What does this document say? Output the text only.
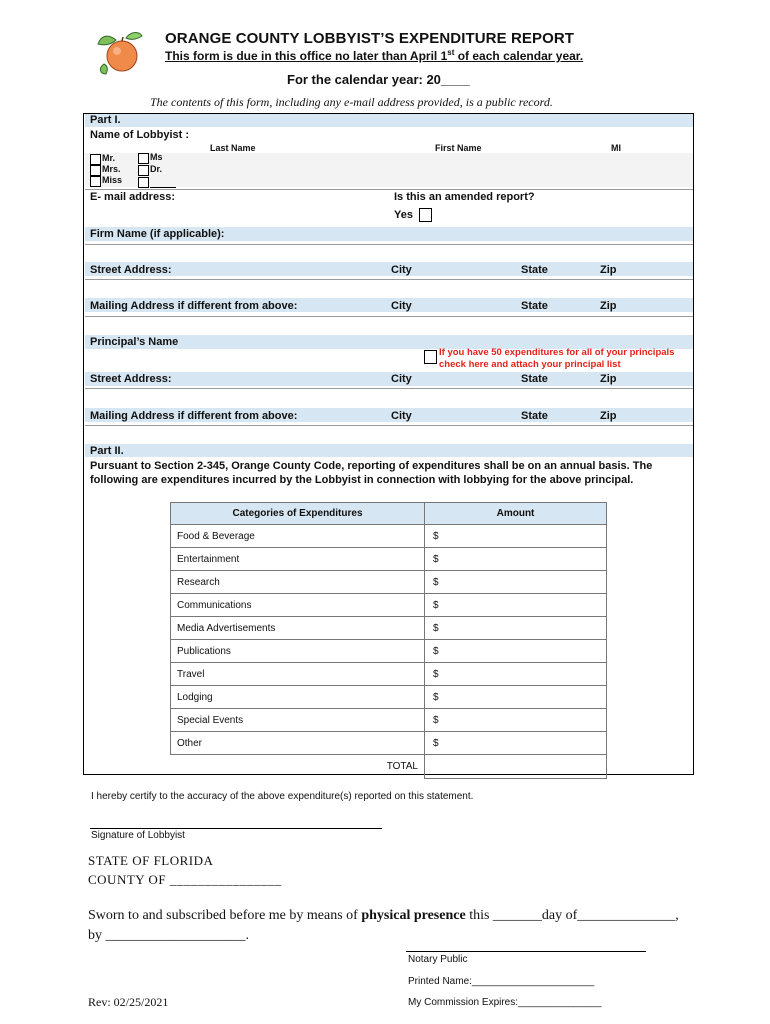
ORANGE COUNTY LOBBYIST’S EXPENDITURE REPORT
This form is due in this office no later than April 1st of each calendar year.
For the calendar year: 20____
The contents of this form, including any e-mail address provided, is a public record.
Part I.
Name of Lobbyist :
Last Name	First Name	MI
Mr.
Mrs.
Miss
Ms
Dr.
E- mail address:	Is this an amended report?
Yes
Firm Name (if applicable):
Street Address:	City	State	Zip
Mailing Address if different from above:	City	State	Zip
Principal’s Name
If you have 50 expenditures for all of your principals
check here and attach your principal list
Street Address:	City	State	Zip
Mailing Address if different from above:	City	State	Zip
Part II.
Pursuant to Section 2-345, Orange County Code, reporting of expenditures shall be on an annual basis. The following are expenditures incurred by the Lobbyist in connection with lobbying for the above principal.
Categories of Expenditures	Amount
Food & Beverage	$
Entertainment	$
Research	$
Communications	$
Media Advertisements	$
Publications	$
Travel	$
Lodging	$
Special Events	$
Other	$
TOTAL	
I hereby certify to the accuracy of the above expenditure(s) reported on this statement.
Signature of Lobbyist
STATE OF FLORIDA
COUNTY OF ________________
Sworn to and subscribed before me by means of physical presence this _______day of______________,
by ____________________.
Notary Public
Printed Name:______________________
My Commission Expires:_______________
Rev: 02/25/2021
